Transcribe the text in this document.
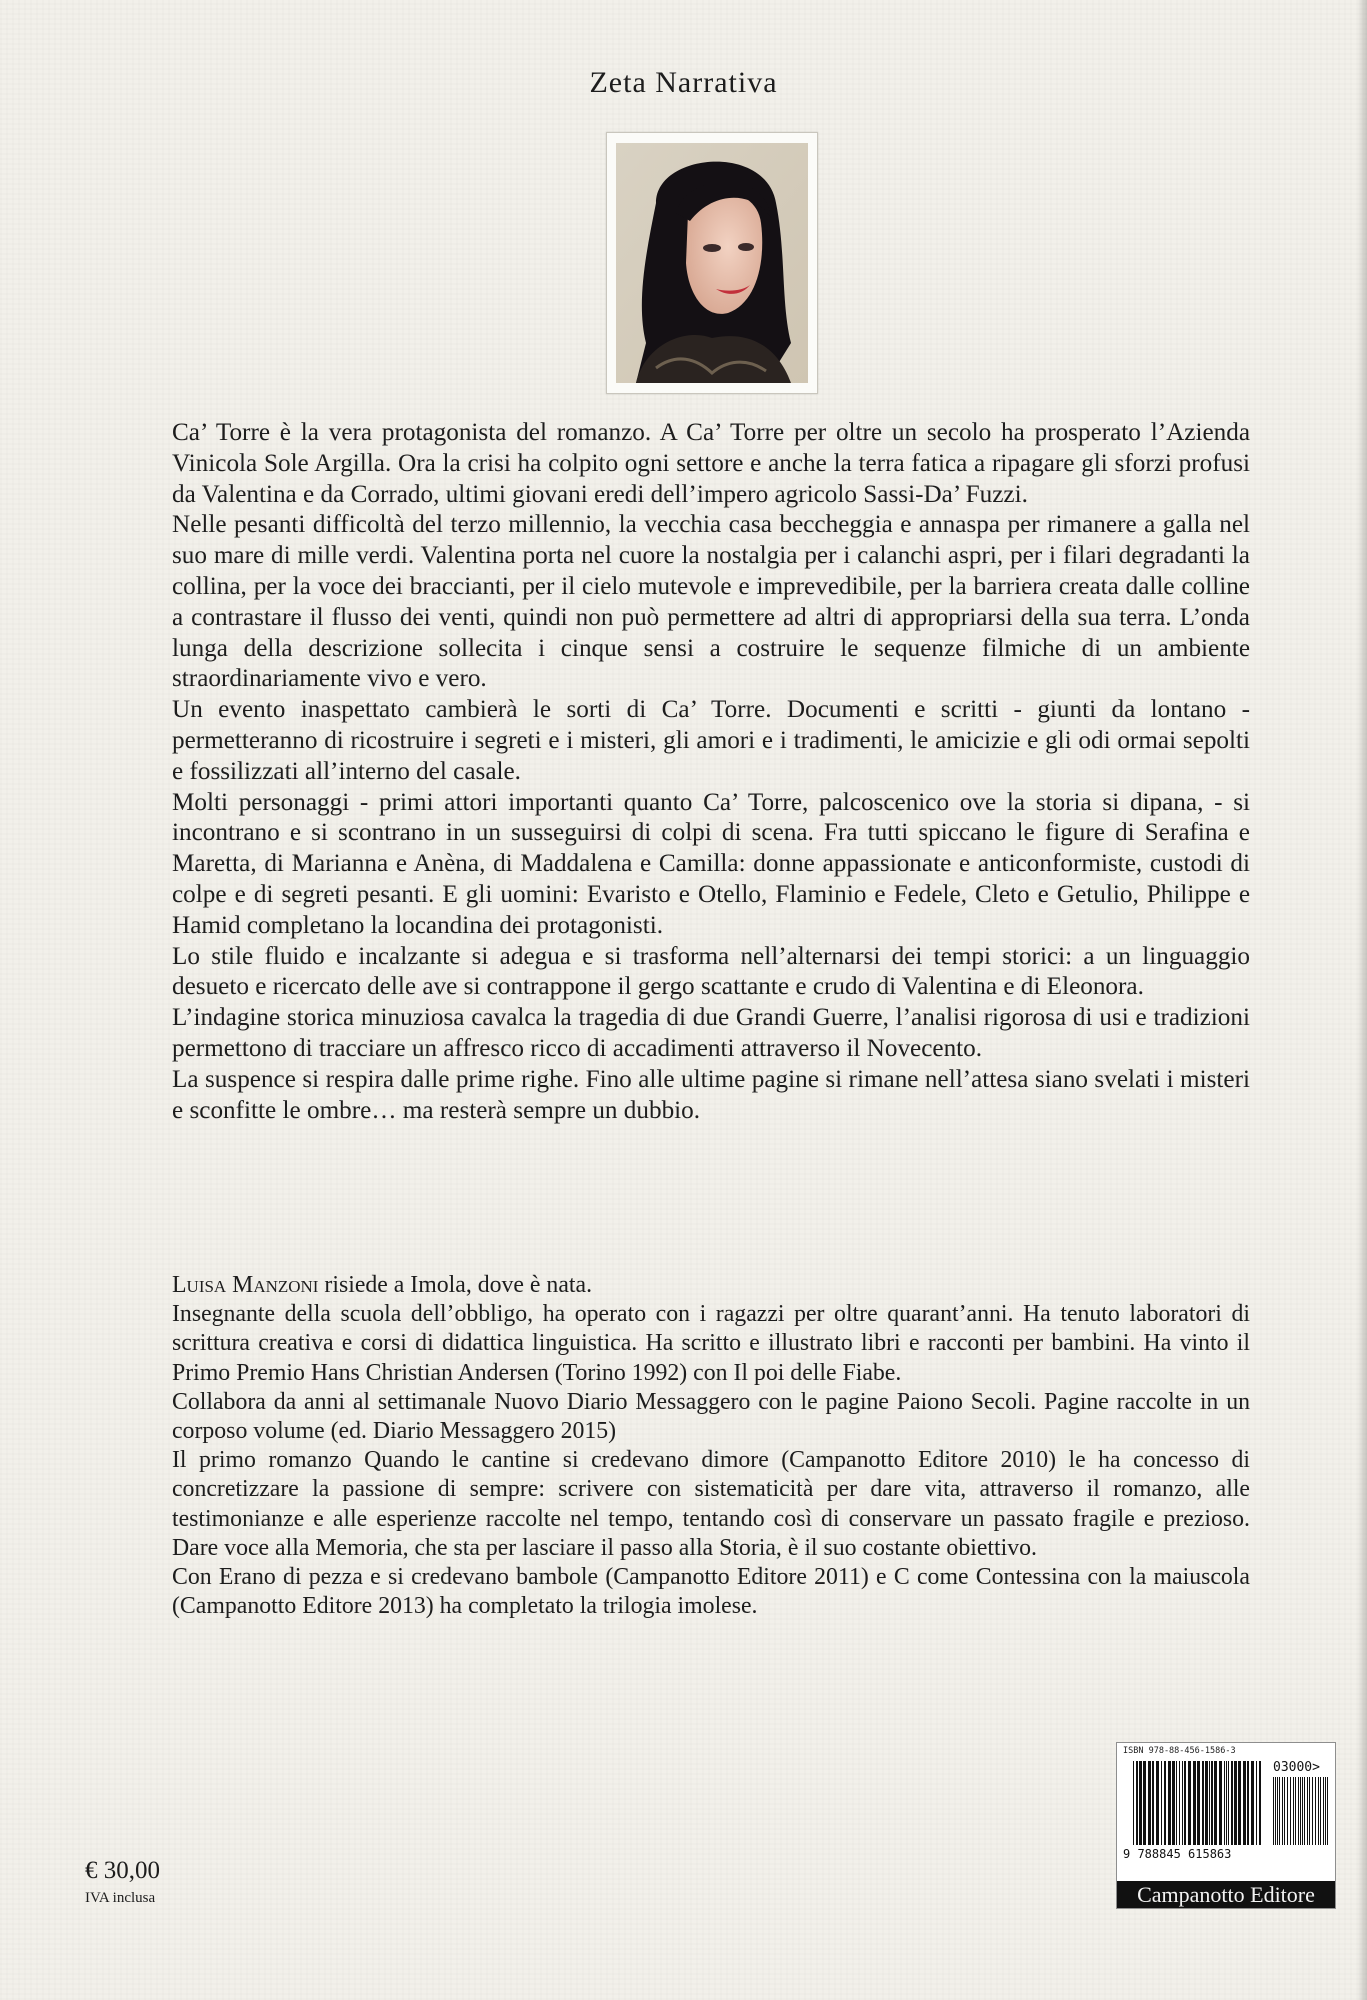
Zeta Narrativa

Ca’ Torre è la vera protagonista del romanzo. A Ca’ Torre per oltre un secolo ha prosperato l’Azienda Vinicola Sole Argilla. Ora la crisi ha colpito ogni settore e anche la terra fatica a ripagare gli sforzi profusi da Valentina e da Corrado, ultimi giovani eredi dell’impero agricolo Sassi-Da’ Fuzzi.

Nelle pesanti difficoltà del terzo millennio, la vecchia casa beccheggia e annaspa per rimanere a galla nel suo mare di mille verdi. Valentina porta nel cuore la nostalgia per i calanchi aspri, per i filari degradanti la collina, per la voce dei braccianti, per il cielo mutevole e imprevedibile, per la barriera creata dalle colline a contrastare il flusso dei venti, quindi non può permettere ad altri di appropriarsi della sua terra. L’onda lunga della descrizione sollecita i cinque sensi a costruire le sequenze filmiche di un ambiente straordinariamente vivo e vero.

Un evento inaspettato cambierà le sorti di Ca’ Torre. Documenti e scritti - giunti da lontano - permetteranno di ricostruire i segreti e i misteri, gli amori e i tradimenti, le amicizie e gli odi ormai sepolti e fossilizzati all’interno del casale.

Molti personaggi - primi attori importanti quanto Ca’ Torre, palcoscenico ove la storia si dipana, - si incontrano e si scontrano in un susseguirsi di colpi di scena. Fra tutti spiccano le figure di Serafina e Maretta, di Marianna e Anèna, di Maddalena e Camilla: donne appassionate e anticonformiste, custodi di colpe e di segreti pesanti. E gli uomini: Evaristo e Otello, Flaminio e Fedele, Cleto e Getulio, Philippe e Hamid completano la locandina dei protagonisti.

Lo stile fluido e incalzante si adegua e si trasforma nell’alternarsi dei tempi storici: a un linguaggio desueto e ricercato delle ave si contrappone il gergo scattante e crudo di Valentina e di Eleonora.

L’indagine storica minuziosa cavalca la tragedia di due Grandi Guerre, l’analisi rigorosa di usi e tradizioni permettono di tracciare un affresco ricco di accadimenti attraverso il Novecento.

La suspence si respira dalle prime righe. Fino alle ultime pagine si rimane nell’attesa siano svelati i misteri e sconfitte le ombre… ma resterà sempre un dubbio.

Luisa Manzoni risiede a Imola, dove è nata.

Insegnante della scuola dell’obbligo, ha operato con i ragazzi per oltre quarant’anni. Ha tenuto laboratori di scrittura creativa e corsi di didattica linguistica. Ha scritto e illustrato libri e racconti per bambini. Ha vinto il Primo Premio Hans Christian Andersen (Torino 1992) con Il poi delle Fiabe.

Collabora da anni al settimanale Nuovo Diario Messaggero con le pagine Paiono Secoli. Pagine raccolte in un corposo volume (ed. Diario Messaggero 2015)

Il primo romanzo Quando le cantine si credevano dimore (Campanotto Editore 2010) le ha concesso di concretizzare la passione di sempre: scrivere con sistematicità per dare vita, attraverso il romanzo, alle testimonianze e alle esperienze raccolte nel tempo, tentando così di conservare un passato fragile e prezioso. Dare voce alla Memoria, che sta per lasciare il passo alla Storia, è il suo costante obiettivo.

Con Erano di pezza e si credevano bambole (Campanotto Editore 2011) e C come Contessina con la maiuscola (Campanotto Editore 2013) ha completato la trilogia imolese.

€ 30,00
IVA inclusa
ISBN 978-88-456-1586-3
03000>
9 788845 615863
Campanotto Editore
